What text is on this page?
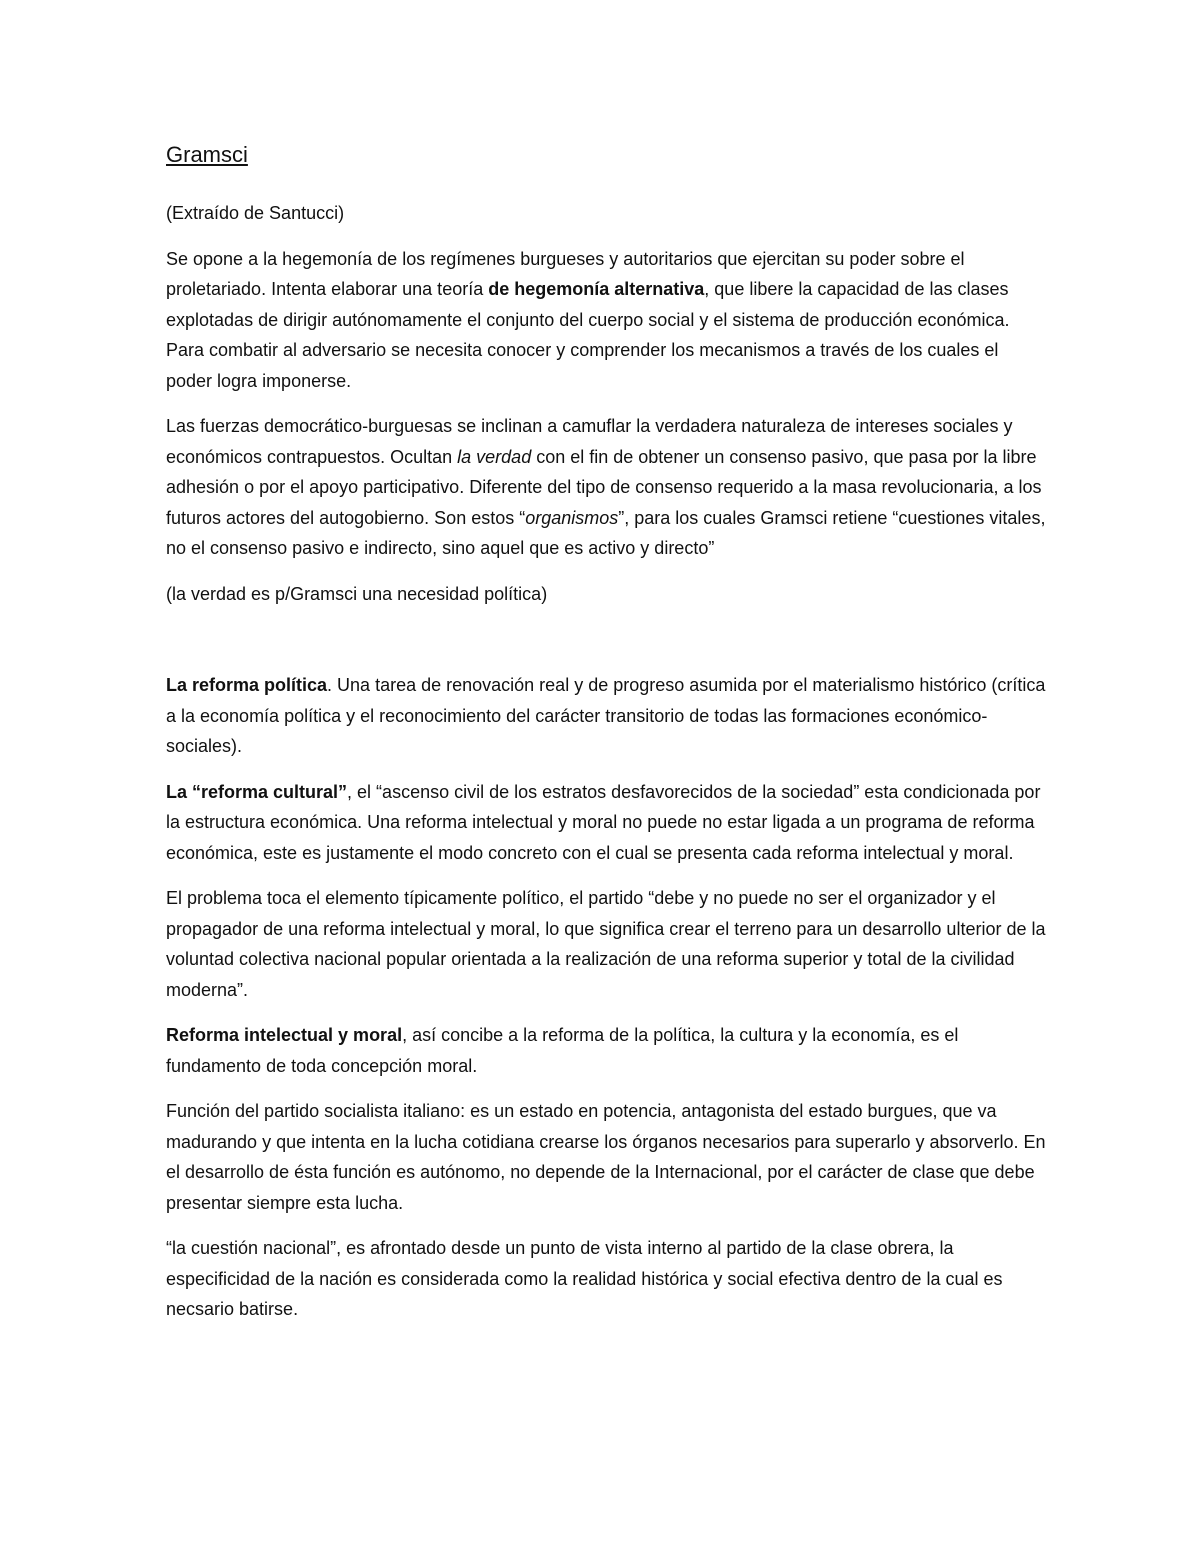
Gramsci

(Extraído de Santucci)

Se opone a la hegemonía de los regímenes burgueses y autoritarios que ejercitan su poder sobre el proletariado. Intenta elaborar una teoría de hegemonía alternativa, que libere la capacidad de las clases explotadas de dirigir autónomamente el conjunto del cuerpo social y el sistema de producción económica. Para combatir al adversario se necesita conocer y comprender los mecanismos a través de los cuales el poder logra imponerse.

Las fuerzas democrático-burguesas se inclinan a camuflar la verdadera naturaleza de intereses sociales y económicos contrapuestos. Ocultan la verdad con el fin de obtener un consenso pasivo, que pasa por la libre adhesión o por el apoyo participativo. Diferente del tipo de consenso requerido a la masa revolucionaria, a los futuros actores del autogobierno. Son estos “organismos”, para los cuales Gramsci retiene “cuestiones vitales, no el consenso pasivo e indirecto, sino aquel que es activo y directo”

(la verdad es p/Gramsci una necesidad política)

La reforma política. Una tarea de renovación real y de progreso asumida por el materialismo histórico (crítica a la economía política y el reconocimiento del carácter transitorio de todas las formaciones económico-sociales).

La “reforma cultural”, el “ascenso civil de los estratos desfavorecidos de la sociedad” esta condicionada por la estructura económica. Una reforma intelectual y moral no puede no estar ligada a un programa de reforma económica, este es justamente el modo concreto con el cual se presenta cada reforma intelectual y moral.

El problema toca el elemento típicamente político, el partido “debe y no puede no ser el organizador y el propagador de una reforma intelectual y moral, lo que significa crear el terreno para un desarrollo ulterior de la voluntad colectiva nacional popular orientada a la realización de una reforma superior y total de la civilidad moderna”.

Reforma intelectual y moral, así concibe a la reforma de la política, la cultura y la economía, es el fundamento de toda concepción moral.

Función del partido socialista italiano: es un estado en potencia, antagonista del estado burgues, que va madurando y que intenta en la lucha cotidiana crearse los órganos necesarios para superarlo y absorverlo. En el desarrollo de ésta función es autónomo, no depende de la Internacional, por el carácter de clase que debe presentar siempre esta lucha.

“la cuestión nacional”, es afrontado desde un punto de vista interno al partido de la clase obrera, la especificidad de la nación es considerada como la realidad histórica y social efectiva dentro de la cual es necsario batirse.
